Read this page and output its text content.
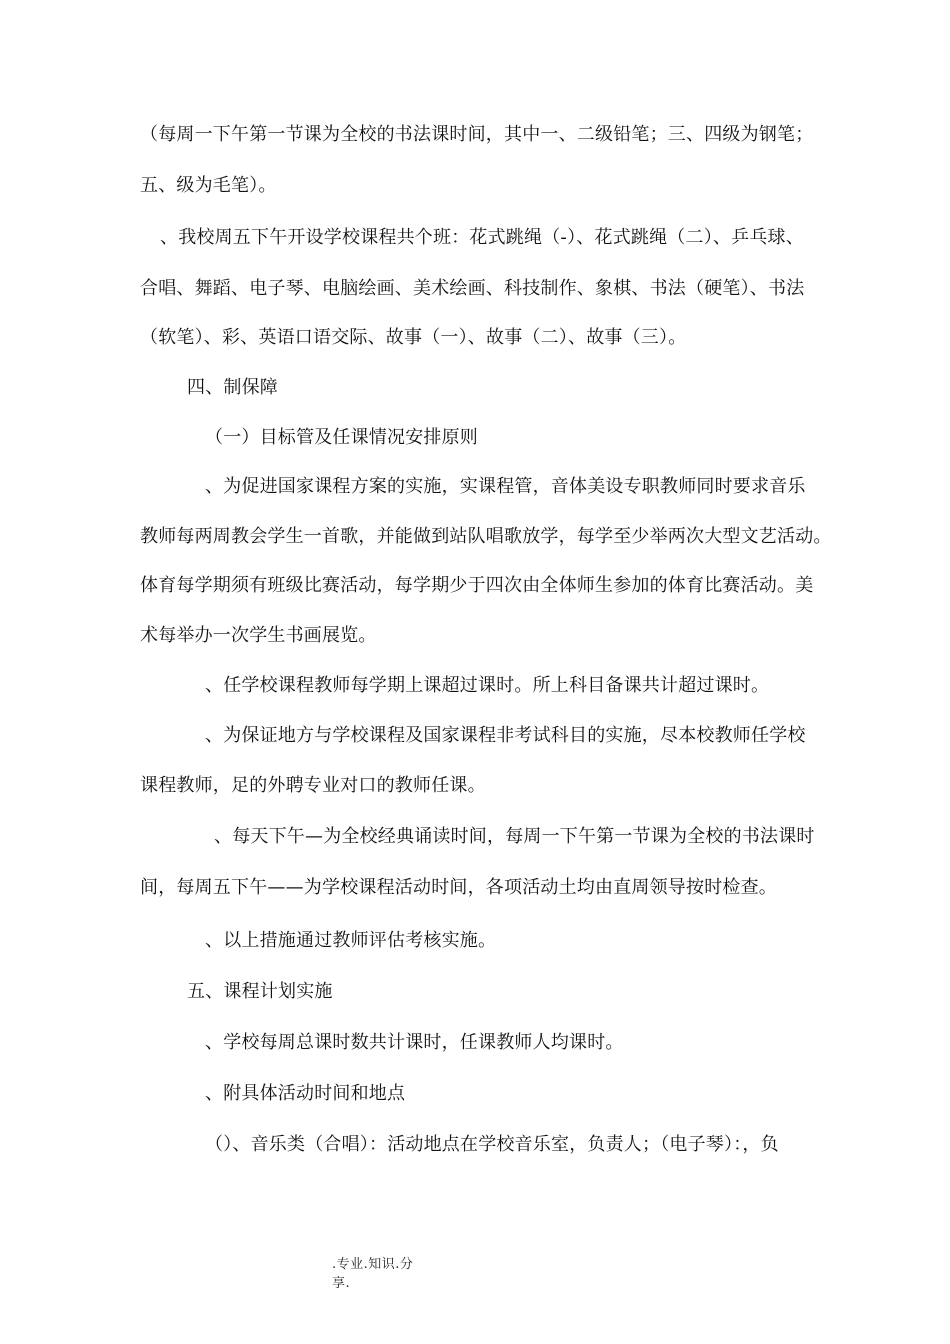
（每周一下午第一节课为全校的书法课时间，其中一、二级铅笔；三、四级为钢笔；
五、级为毛笔）。
、我校周五下午开设学校课程共个班：花式跳绳（-）、花式跳绳（二）、乒乓球、
合唱、舞蹈、电子琴、电脑绘画、美术绘画、科技制作、象棋、书法（硬笔）、书法
（软笔）、彩、英语口语交际、故事（一）、故事（二）、故事（三）。
四、制保障
（一）目标管及任课情况安排原则
、为促进国家课程方案的实施，实课程管，音体美设专职教师同时要求音乐
教师每两周教会学生一首歌，并能做到站队唱歌放学，每学至少举两次大型文艺活动。
体育每学期须有班级比赛活动，每学期少于四次由全体师生参加的体育比赛活动。美
术每举办一次学生书画展览。
、任学校课程教师每学期上课超过课时。所上科目备课共计超过课时。
、为保证地方与学校课程及国家课程非考试科目的实施，尽本校教师任学校
课程教师，足的外聘专业对口的教师任课。
、每天下午—为全校经典诵读时间，每周一下午第一节课为全校的书法课时
间，每周五下午——为学校课程活动时间，各项活动土均由直周领导按时检查。
、以上措施通过教师评估考核实施。
五、课程计划实施
、学校每周总课时数共计课时，任课教师人均课时。
、附具体活动时间和地点
（）、音乐类（合唱）：活动地点在学校音乐室，负责人；（电子琴）：，负
.专业.知识.分
享.
